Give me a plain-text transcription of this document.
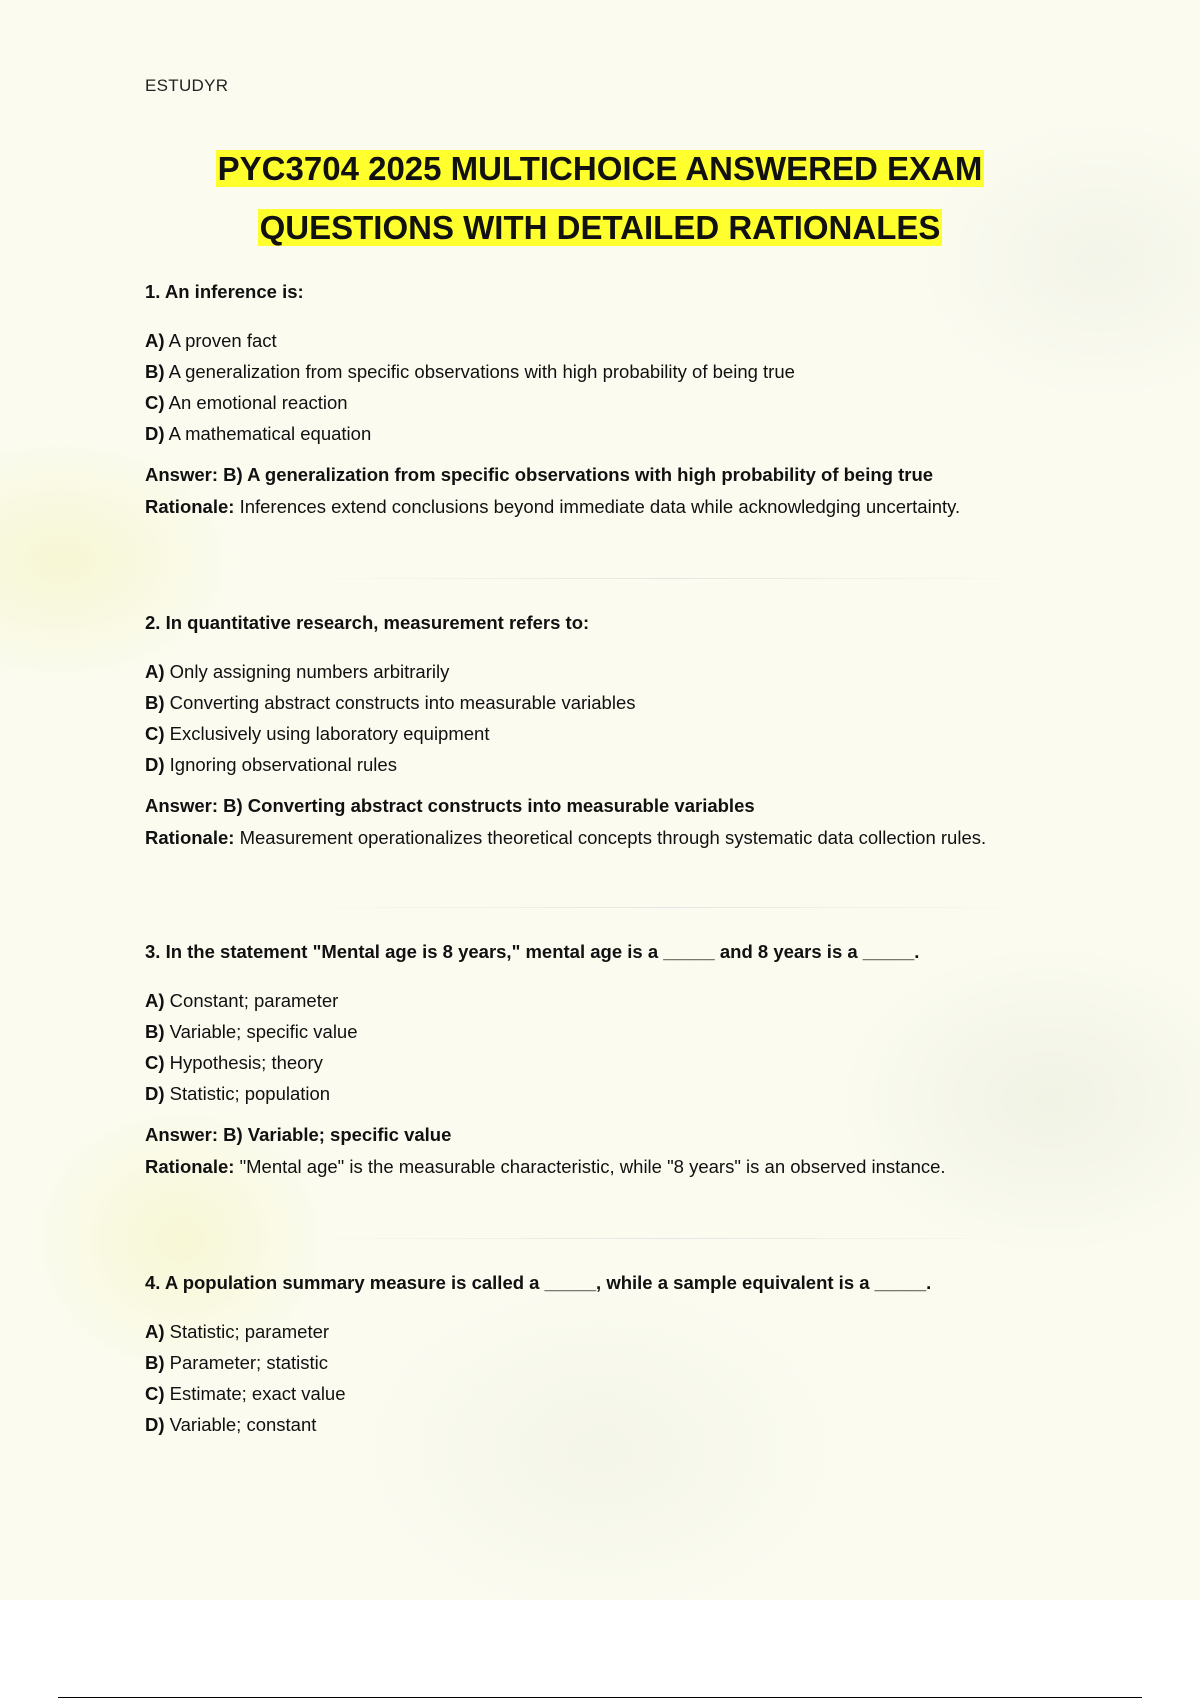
ESTUDYR
PYC3704 2025 MULTICHOICE ANSWERED EXAM
QUESTIONS WITH DETAILED RATIONALES
1. An inference is:
A) A proven fact
B) A generalization from specific observations with high probability of being true
C) An emotional reaction
D) A mathematical equation
Answer: B) A generalization from specific observations with high probability of being true
Rationale: Inferences extend conclusions beyond immediate data while acknowledging uncertainty.
2. In quantitative research, measurement refers to:
A) Only assigning numbers arbitrarily
B) Converting abstract constructs into measurable variables
C) Exclusively using laboratory equipment
D) Ignoring observational rules
Answer: B) Converting abstract constructs into measurable variables
Rationale: Measurement operationalizes theoretical concepts through systematic data collection rules.
3. In the statement "Mental age is 8 years," mental age is a _____ and 8 years is a _____.
A) Constant; parameter
B) Variable; specific value
C) Hypothesis; theory
D) Statistic; population
Answer: B) Variable; specific value
Rationale: "Mental age" is the measurable characteristic, while "8 years" is an observed instance.
4. A population summary measure is called a _____, while a sample equivalent is a _____.
A) Statistic; parameter
B) Parameter; statistic
C) Estimate; exact value
D) Variable; constant
